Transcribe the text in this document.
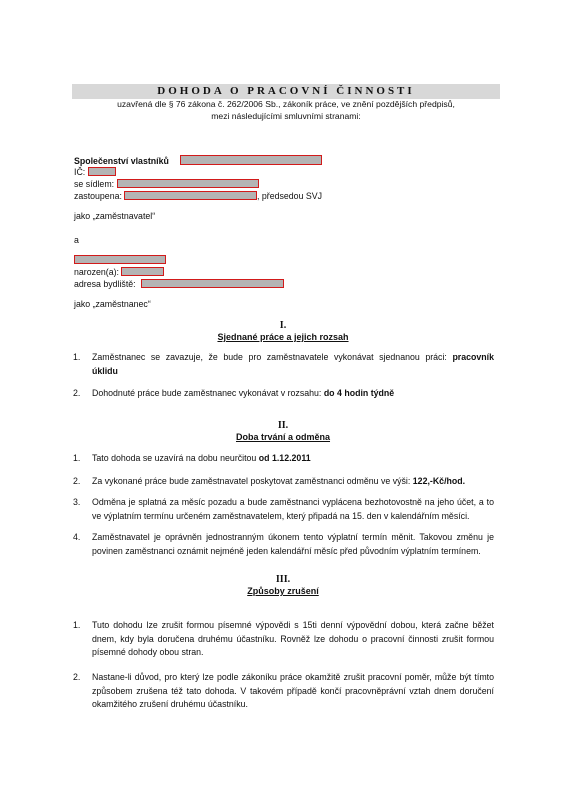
DOHODA O PRACOVNÍ ČINNOSTI
uzavřená dle § 76 zákona č. 262/2006 Sb., zákoník práce, ve znění pozdějších předpisů,
mezi následujícími smluvními stranami:
Společenství vlastníků
IČ:
se sídlem:
zastoupena:	, předsedou SVJ
jako „zaměstnavatel“
a
narozen(a):
adresa bydliště:
jako „zaměstnanec“
I.
Sjednané práce a jejich rozsah
1. Zaměstnanec se zavazuje, že bude pro zaměstnavatele vykonávat sjednanou práci: pracovník
úklidu
2. Dohodnuté práce bude zaměstnanec vykonávat v rozsahu: do 4 hodin týdně
II.
Doba trvání a odměna
1. Tato dohoda se uzavírá na dobu neurčitou od 1.12.2011
2. Za vykonané práce bude zaměstnavatel poskytovat zaměstnanci odměnu ve výši: 122,-Kč/hod.
3. Odměna je splatná za měsíc pozadu a bude zaměstnanci vyplácena bezhotovostně na jeho účet, a to ve výplatním termínu určeném zaměstnavatelem, který připadá na 15. den v kalendářním měsíci.
4. Zaměstnavatel je oprávněn jednostranným úkonem tento výplatní termín měnit. Takovou změnu je povinen zaměstnanci oznámit nejméně jeden kalendářní měsíc před původním výplatním termínem.
III.
Způsoby zrušení
1. Tuto dohodu lze zrušit formou písemné výpovědi s 15ti denní výpovědní dobou, která začne běžet dnem, kdy byla doručena druhému účastníku. Rovněž lze dohodu o pracovní činnosti zrušit formou písemné dohody obou stran.
2. Nastane-li důvod, pro který lze podle zákoníku práce okamžitě zrušit pracovní poměr, může být tímto způsobem zrušena též tato dohoda. V takovém případě končí pracovněprávní vztah dnem doručení okamžitého zrušení druhému účastníku.
